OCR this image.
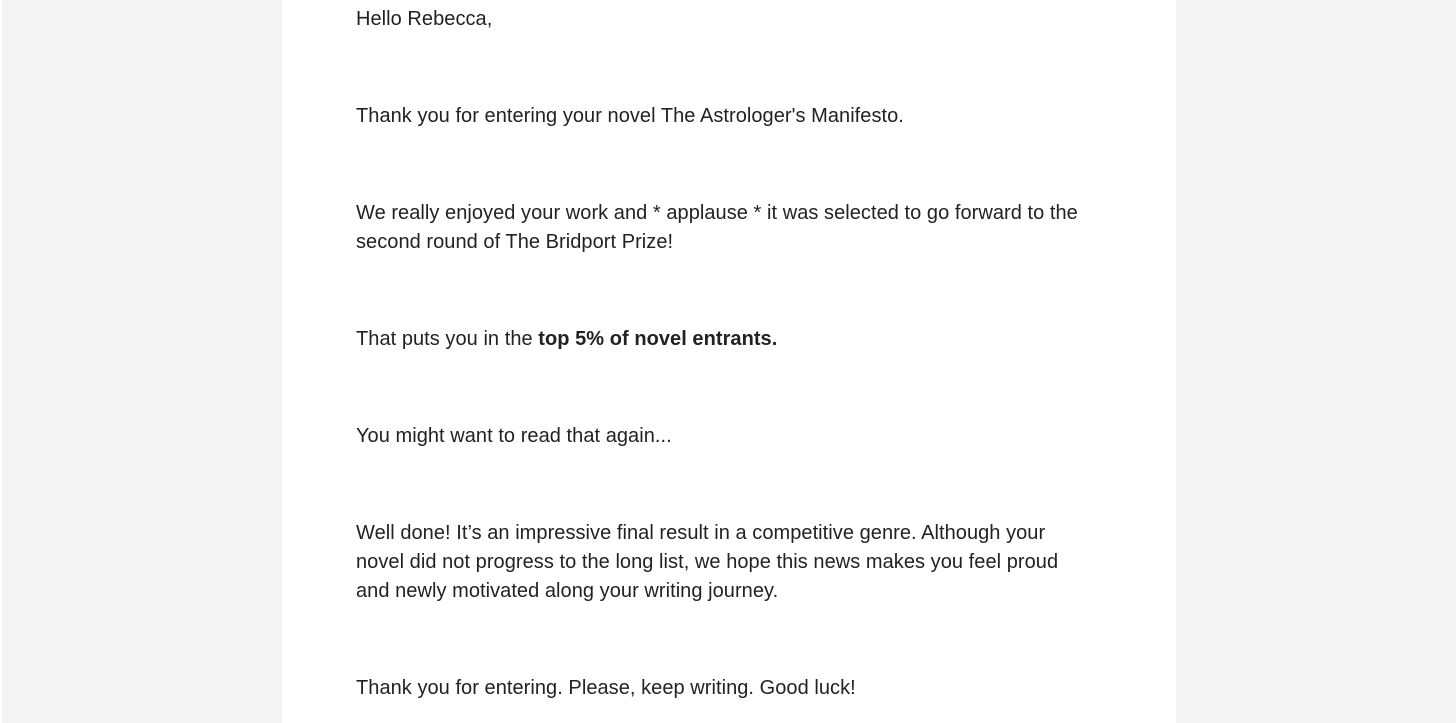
Hello Rebecca,

Thank you for entering your novel The Astrologer's Manifesto.

We really enjoyed your work and * applause * it was selected to go forward to the second round of The Bridport Prize!

That puts you in the top 5% of novel entrants.

You might want to read that again...

Well done! It’s an impressive final result in a competitive genre. Although your novel did not progress to the long list, we hope this news makes you feel proud and newly motivated along your writing journey.

Thank you for entering. Please, keep writing. Good luck!
